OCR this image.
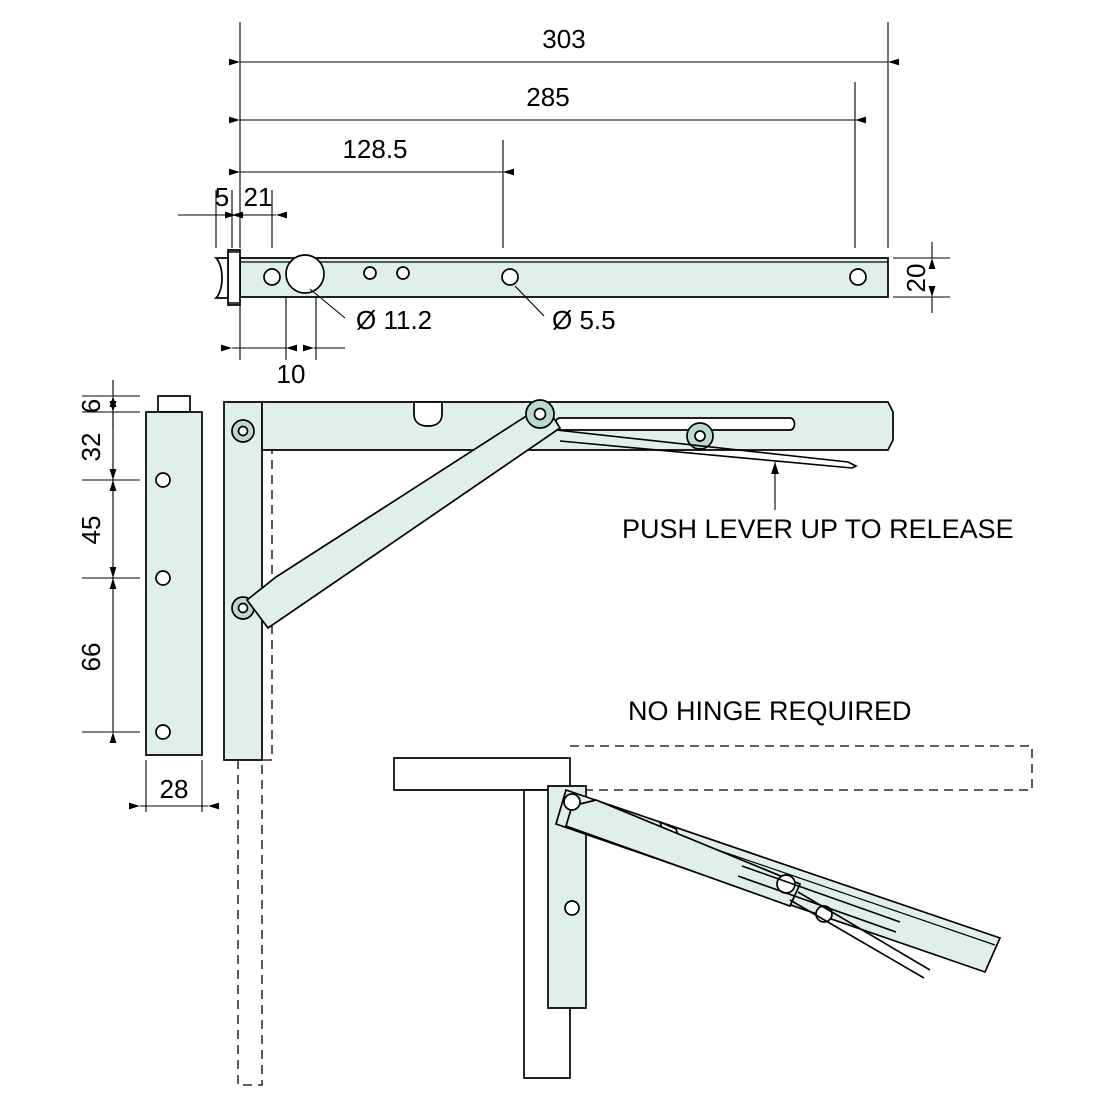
303
285
128.5
5 21
20
10
Ø 11.2	Ø 5.5
6
32
45
66
28
PUSH LEVER UP TO RELEASE
NO HINGE REQUIRED
